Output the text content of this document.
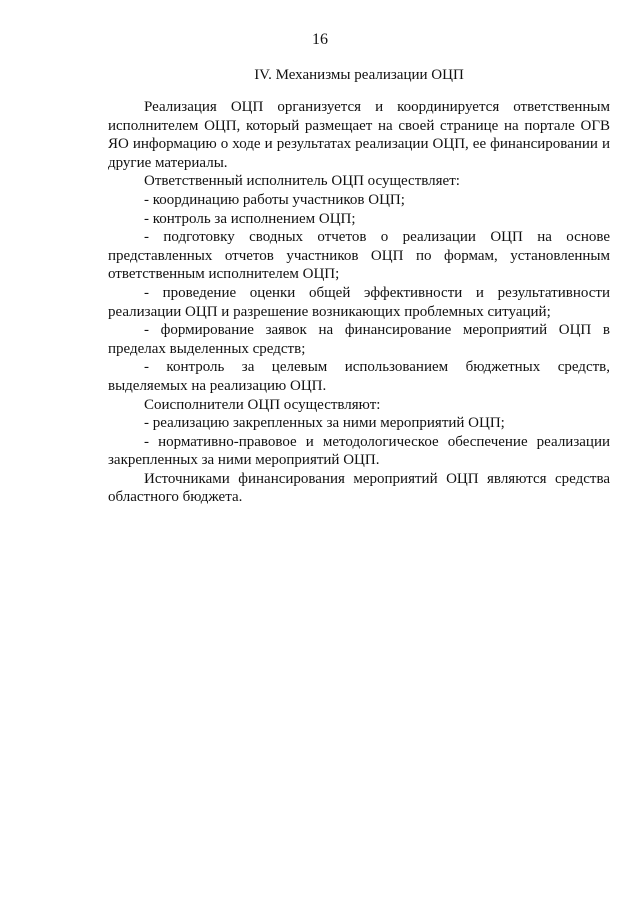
16
IV. Механизмы реализации ОЦП

Реализация ОЦП организуется и координируется ответственным исполнителем ОЦП, который размещает на своей странице на портале ОГВ ЯО информацию о ходе и результатах реализации ОЦП, ее финансировании и другие материалы.

Ответственный исполнитель ОЦП осуществляет:

- координацию работы участников ОЦП;

- контроль за исполнением ОЦП;

- подготовку сводных отчетов о реализации ОЦП на основе представленных отчетов участников ОЦП по формам, установленным ответственным исполнителем ОЦП;

- проведение оценки общей эффективности и результативности реализации ОЦП и разрешение возникающих проблемных ситуаций;

- формирование заявок на финансирование мероприятий ОЦП в пределах выделенных средств;

- контроль за целевым использованием бюджетных средств, выделяемых на реализацию ОЦП.

Соисполнители ОЦП осуществляют:

- реализацию закрепленных за ними мероприятий ОЦП;

- нормативно-правовое и методологическое обеспечение реализации закрепленных за ними мероприятий ОЦП.

Источниками финансирования мероприятий ОЦП являются средства областного бюджета.
